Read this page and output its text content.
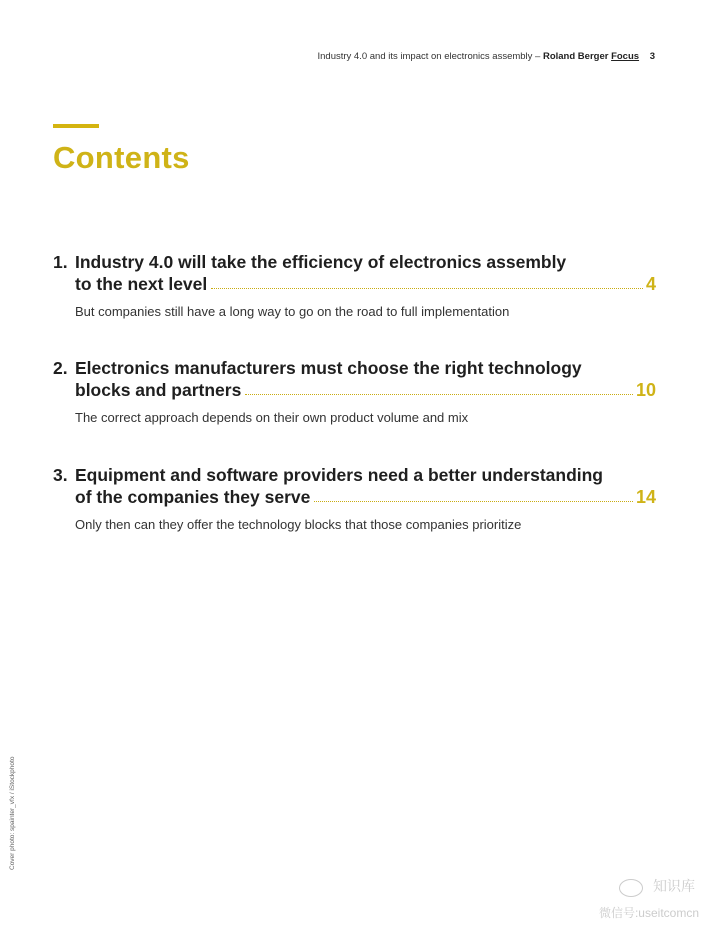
Industry 4.0 and its impact on electronics assembly – Roland Berger Focus 3
Contents
1. Industry 4.0 will take the efficiency of electronics assembly
to the next level	4
But companies still have a long way to go on the road to full implementation
2. Electronics manufacturers must choose the right technology
blocks and partners	10
The correct approach depends on their own product volume and mix
3. Equipment and software providers need a better understanding
of the companies they serve	14
Only then can they offer the technology blocks that those companies prioritize
Cover photo: spainter_vfx / iStockphoto
知识库
微信号:useitcomcn
